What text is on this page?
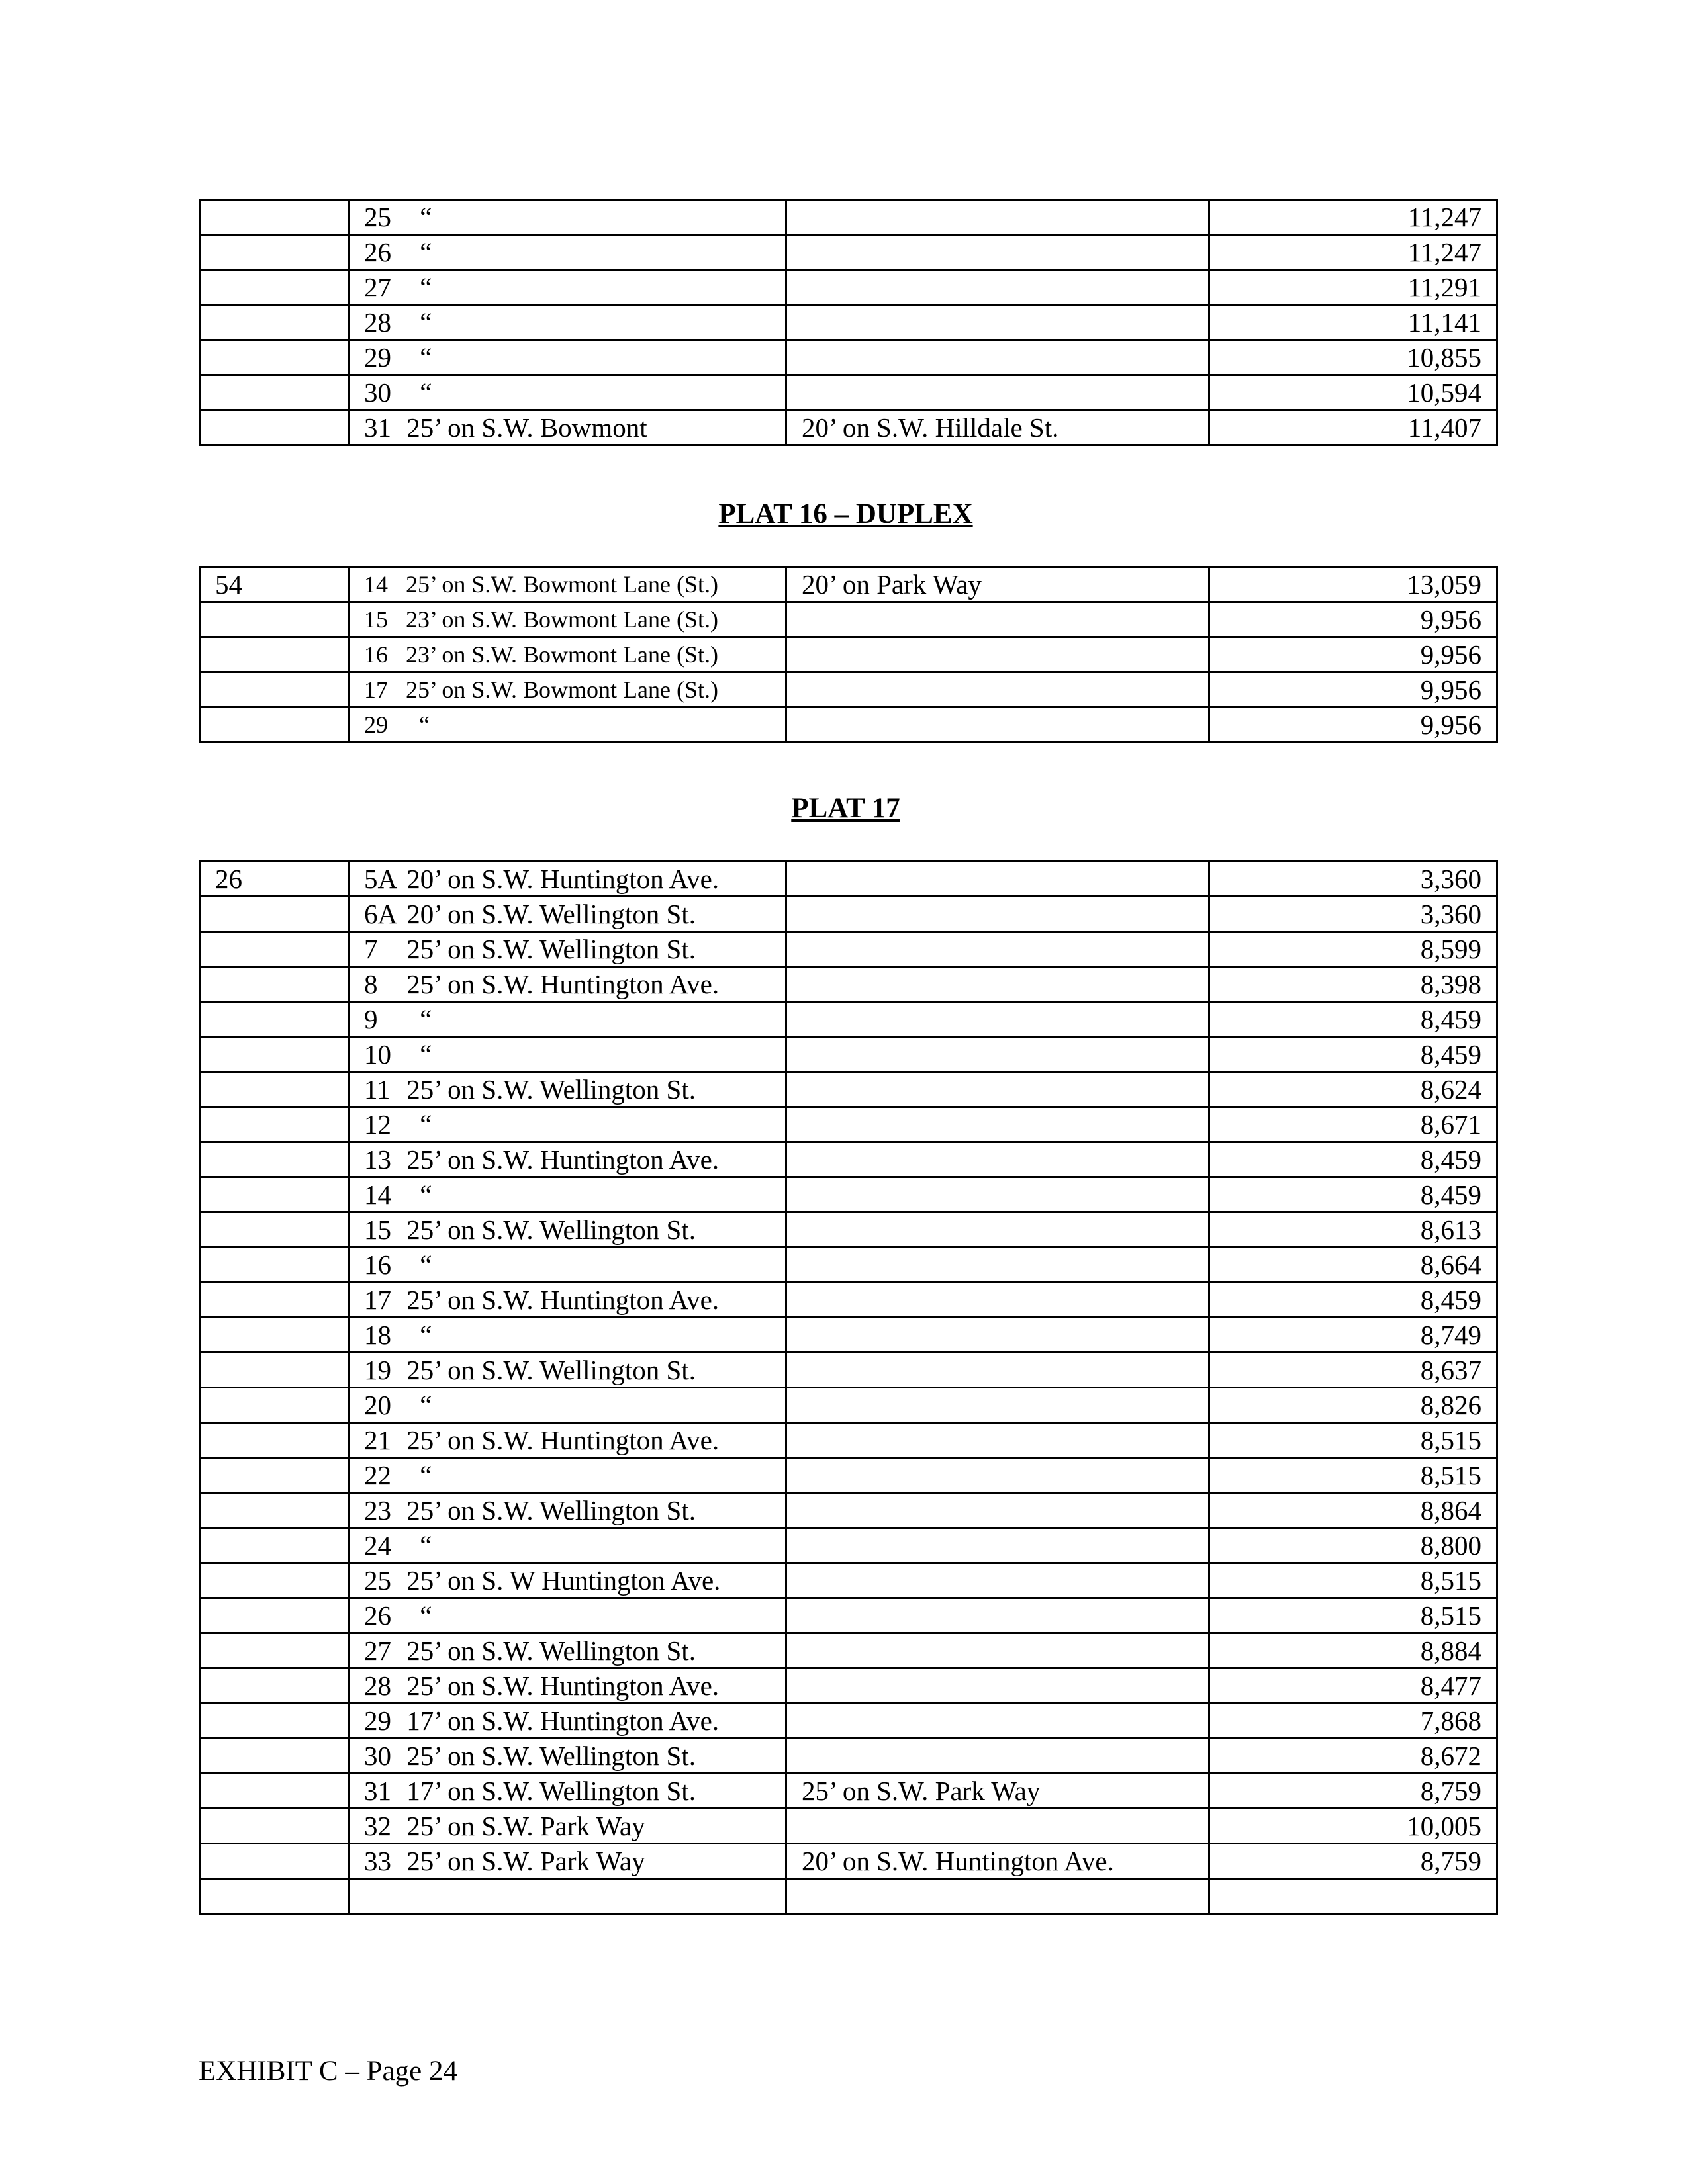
	25 “		11,247
	26 “		11,247
	27 “		11,291
	28 “		11,141
	29 “		10,855
	30 “		10,594
	31 25’ on S.W. Bowmont	20’ on S.W. Hilldale St.	11,407
PLAT 16 – DUPLEX
54	14 25’ on S.W. Bowmont Lane (St.)	20’ on Park Way	13,059
	15 23’ on S.W. Bowmont Lane (St.)		9,956
	16 23’ on S.W. Bowmont Lane (St.)		9,956
	17 25’ on S.W. Bowmont Lane (St.)		9,956
	29 “		9,956
PLAT 17
26	5A 20’ on S.W. Huntington Ave.		3,360
	6A 20’ on S.W. Wellington St.		3,360
	7 25’ on S.W. Wellington St.		8,599
	8 25’ on S.W. Huntington Ave.		8,398
	9 “		8,459
	10 “		8,459
	11 25’ on S.W. Wellington St.		8,624
	12 “		8,671
	13 25’ on S.W. Huntington Ave.		8,459
	14 “		8,459
	15 25’ on S.W. Wellington St.		8,613
	16 “		8,664
	17 25’ on S.W. Huntington Ave.		8,459
	18 “		8,749
	19 25’ on S.W. Wellington St.		8,637
	20 “		8,826
	21 25’ on S.W. Huntington Ave.		8,515
	22 “		8,515
	23 25’ on S.W. Wellington St.		8,864
	24 “		8,800
	25 25’ on S. W Huntington Ave.		8,515
	26 “		8,515
	27 25’ on S.W. Wellington St.		8,884
	28 25’ on S.W. Huntington Ave.		8,477
	29 17’ on S.W. Huntington Ave.		7,868
	30 25’ on S.W. Wellington St.		8,672
	31 17’ on S.W. Wellington St.	25’ on S.W. Park Way	8,759
	32 25’ on S.W. Park Way		10,005
	33 25’ on S.W. Park Way	20’ on S.W. Huntington Ave.	8,759

EXHIBIT C – Page 24
